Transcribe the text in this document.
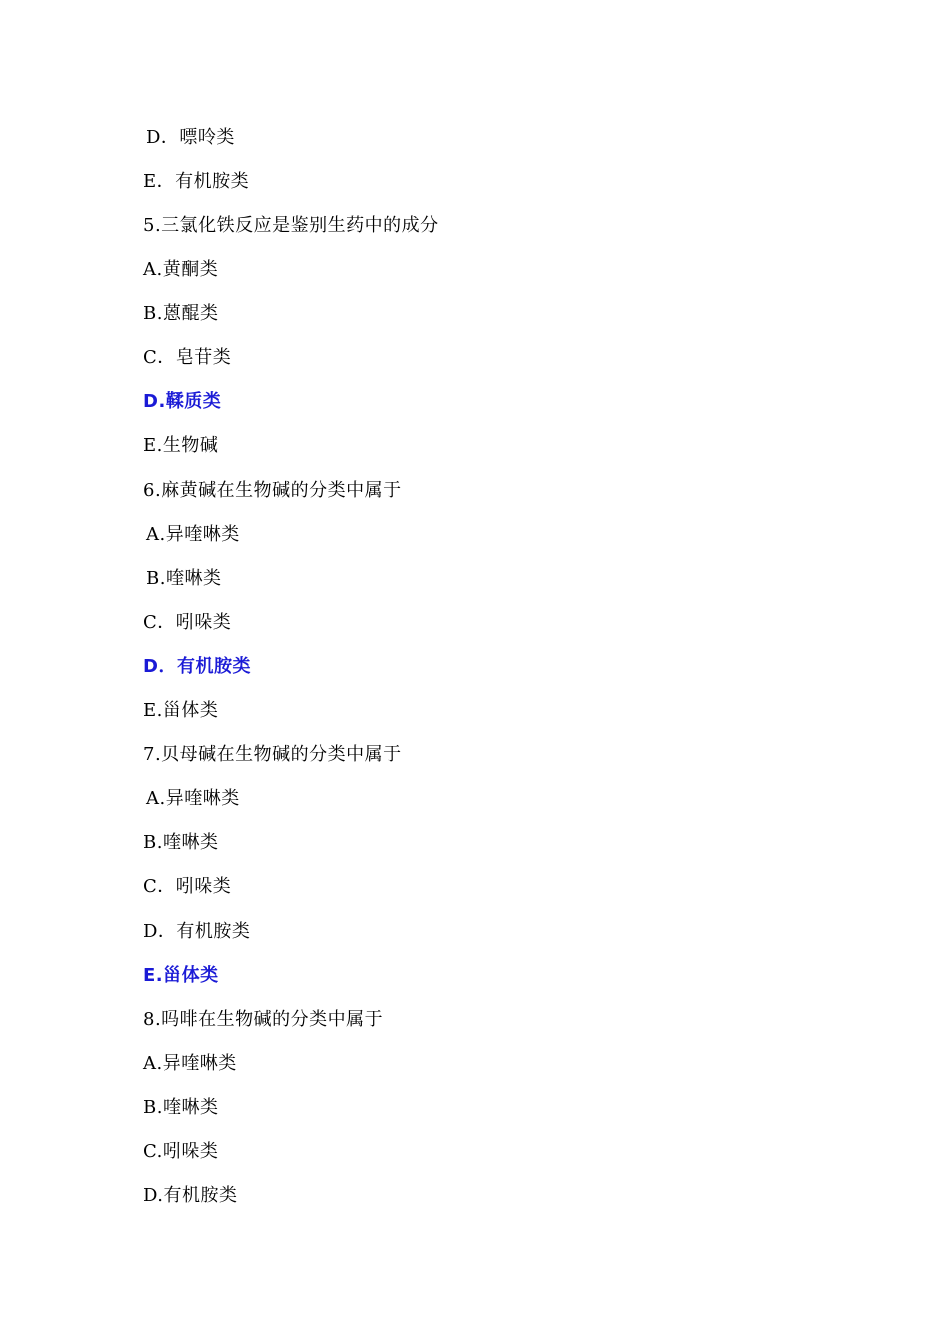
D．嘌呤类
E．有机胺类
5.三氯化铁反应是鉴别生药中的成分
A.黄酮类
B.蒽醌类
C．皂苷类
D.鞣质类
E.生物碱
6.麻黄碱在生物碱的分类中属于
A.异喹啉类
B.喹啉类
C．吲哚类
D．有机胺类
E.甾体类
7.贝母碱在生物碱的分类中属于
A.异喹啉类
B.喹啉类
C．吲哚类
D．有机胺类
E.甾体类
8.吗啡在生物碱的分类中属于
A.异喹啉类
B.喹啉类
C.吲哚类
D.有机胺类
